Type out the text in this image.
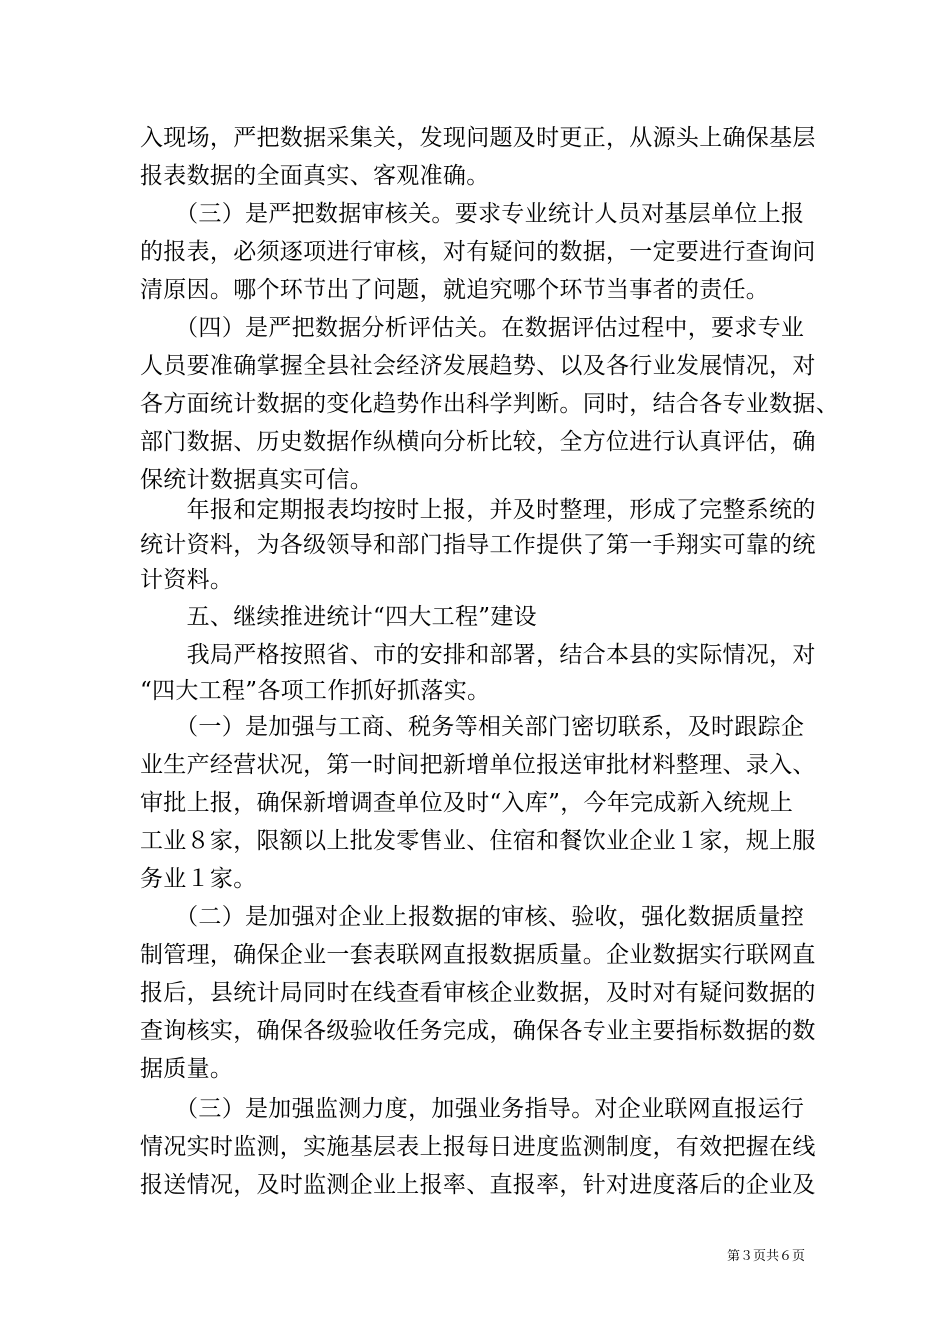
入现场，严把数据采集关，发现问题及时更正，从源头上确保基层
报表数据的全面真实、客观准确。
　　（三）是严把数据审核关。要求专业统计人员对基层单位上报
的报表，必须逐项进行审核，对有疑问的数据，一定要进行查询问
清原因。哪个环节出了问题，就追究哪个环节当事者的责任。
　　（四）是严把数据分析评估关。在数据评估过程中，要求专业
人员要准确掌握全县社会经济发展趋势、以及各行业发展情况，对
各方面统计数据的变化趋势作出科学判断。同时，结合各专业数据、
部门数据、历史数据作纵横向分析比较，全方位进行认真评估，确
保统计数据真实可信。
　　年报和定期报表均按时上报，并及时整理，形成了完整系统的
统计资料，为各级领导和部门指导工作提供了第一手翔实可靠的统
计资料。
　　五、继续推进统计“四大工程”建设
　　我局严格按照省、市的安排和部署，结合本县的实际情况，对
“四大工程”各项工作抓好抓落实。
　　（一）是加强与工商、税务等相关部门密切联系，及时跟踪企
业生产经营状况，第一时间把新增单位报送审批材料整理、录入、
审批上报，确保新增调查单位及时“入库”，今年完成新入统规上
工业８家，限额以上批发零售业、住宿和餐饮业企业１家，规上服
务业１家。
　　（二）是加强对企业上报数据的审核、验收，强化数据质量控
制管理，确保企业一套表联网直报数据质量。企业数据实行联网直
报后，县统计局同时在线查看审核企业数据，及时对有疑问数据的
查询核实，确保各级验收任务完成，确保各专业主要指标数据的数
据质量。
　　（三）是加强监测力度，加强业务指导。对企业联网直报运行
情况实时监测，实施基层表上报每日进度监测制度，有效把握在线
报送情况，及时监测企业上报率、直报率，针对进度落后的企业及
第３页共６页
